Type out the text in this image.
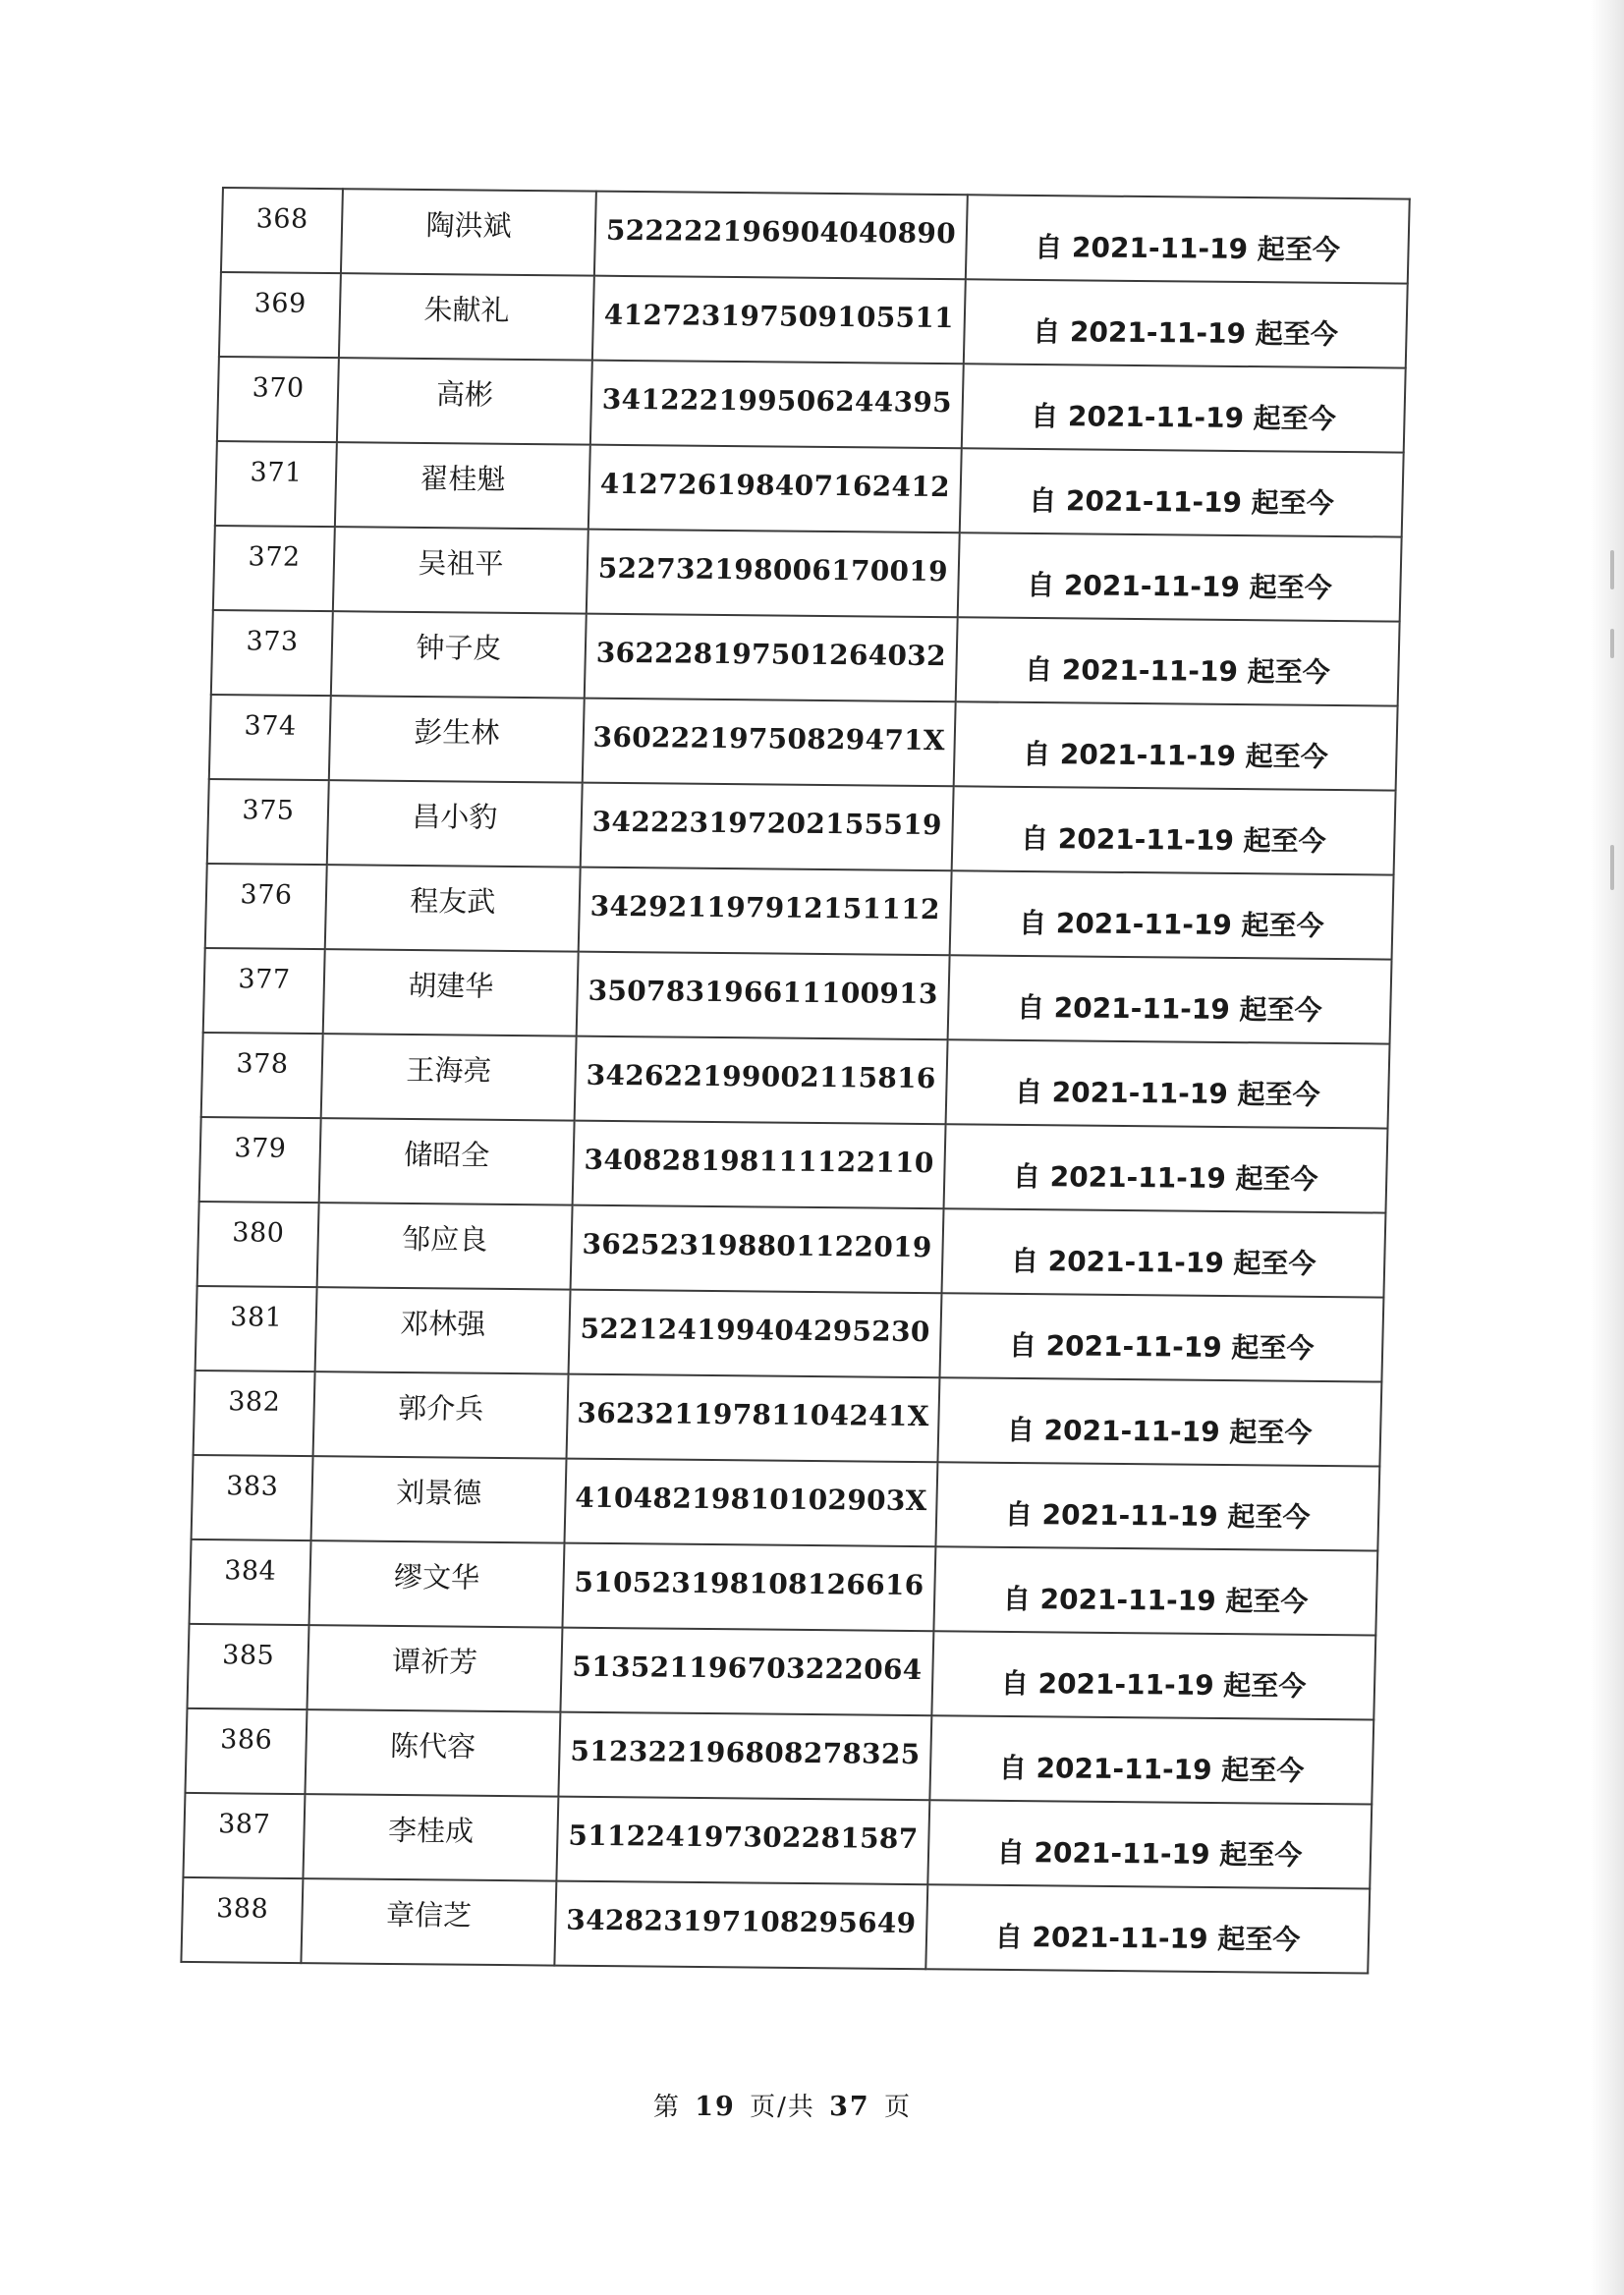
368	陶洪斌	522222196904040890	自 2021-11-19 起至今
369	朱献礼	412723197509105511	自 2021-11-19 起至今
370	高彬	341222199506244395	自 2021-11-19 起至今
371	翟桂魁	412726198407162412	自 2021-11-19 起至今
372	吴祖平	522732198006170019	自 2021-11-19 起至今
373	钟子皮	362228197501264032	自 2021-11-19 起至今
374	彭生林	36022219750829471X	自 2021-11-19 起至今
375	昌小豹	342223197202155519	自 2021-11-19 起至今
376	程友武	342921197912151112	自 2021-11-19 起至今
377	胡建华	350783196611100913	自 2021-11-19 起至今
378	王海亮	342622199002115816	自 2021-11-19 起至今
379	储昭全	340828198111122110	自 2021-11-19 起至今
380	邹应良	362523198801122019	自 2021-11-19 起至今
381	邓林强	522124199404295230	自 2021-11-19 起至今
382	郭介兵	36232119781104241X	自 2021-11-19 起至今
383	刘景德	41048219810102903X	自 2021-11-19 起至今
384	缪文华	510523198108126616	自 2021-11-19 起至今
385	谭祈芳	513521196703222064	自 2021-11-19 起至今
386	陈代容	512322196808278325	自 2021-11-19 起至今
387	李桂成	511224197302281587	自 2021-11-19 起至今
388	章信芝	342823197108295649	自 2021-11-19 起至今
第 19 页/共 37 页
